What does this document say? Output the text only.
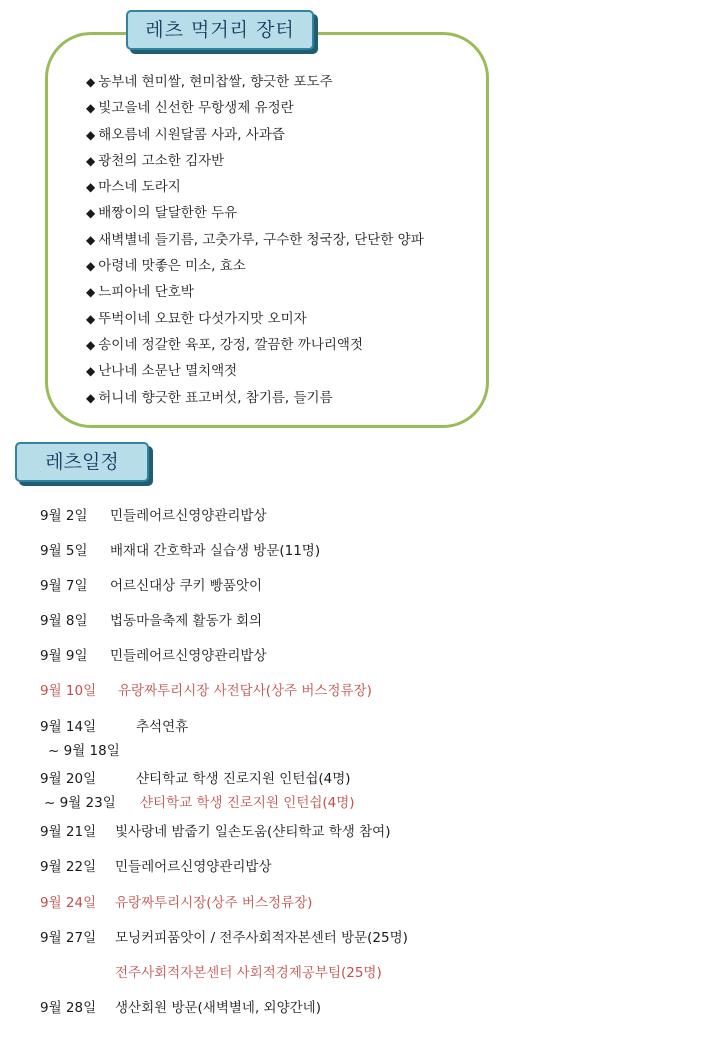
레츠 먹거리 장터
◆ 농부네 현미쌀, 현미찹쌀, 향긋한 포도주
◆ 빛고을네 신선한 무항생제 유정란
◆ 해오름네 시원달콤 사과, 사과즙
◆ 광천의 고소한 김자반
◆ 마스네 도라지
◆ 배짱이의 달달한한 두유
◆ 새벽별네 들기름, 고춧가루, 구수한 청국장, 단단한 양파
◆ 아령네 맛좋은 미소, 효소
◆ 느피아네 단호박
◆ 뚜벅이네 오묘한 다섯가지맛 오미자
◆ 송이네 정갈한 육포, 강정, 깔끔한 까나리액젓
◆ 난나네 소문난 멸치액젓
◆ 허니네 향긋한 표고버섯, 참기름, 들기름
레츠일정
9월 2일 민들레어르신영양관리밥상
9월 5일 배재대 간호학과 실습생 방문(11명)
9월 7일 어르신대상 쿠키 빵품앗이
9월 8일 법동마을축제 활동가 회의
9월 9일 민들레어르신영양관리밥상
9월 10일 유랑짜투리시장 사전답사(상주 버스정류장)
9월 14일	추석연휴
~ 9월 18일
9월 20일	샨티학교 학생 진로지원 인턴쉽(4명)
~ 9월 23일 샨티학교 학생 진로지원 인턴쉽(4명)
9월 21일 빛사랑네 밤줍기 일손도움(샨티학교 학생 참여)
9월 22일 민들레어르신영양관리밥상
9월 24일 유랑짜투리시장(상주 버스정류장)
9월 27일 모닝커피품앗이 / 전주사회적자본센터 방문(25명)
전주사회적자본센터 사회적경제공부팀(25명)
9월 28일 생산회원 방문(새벽별네, 외양간네)
